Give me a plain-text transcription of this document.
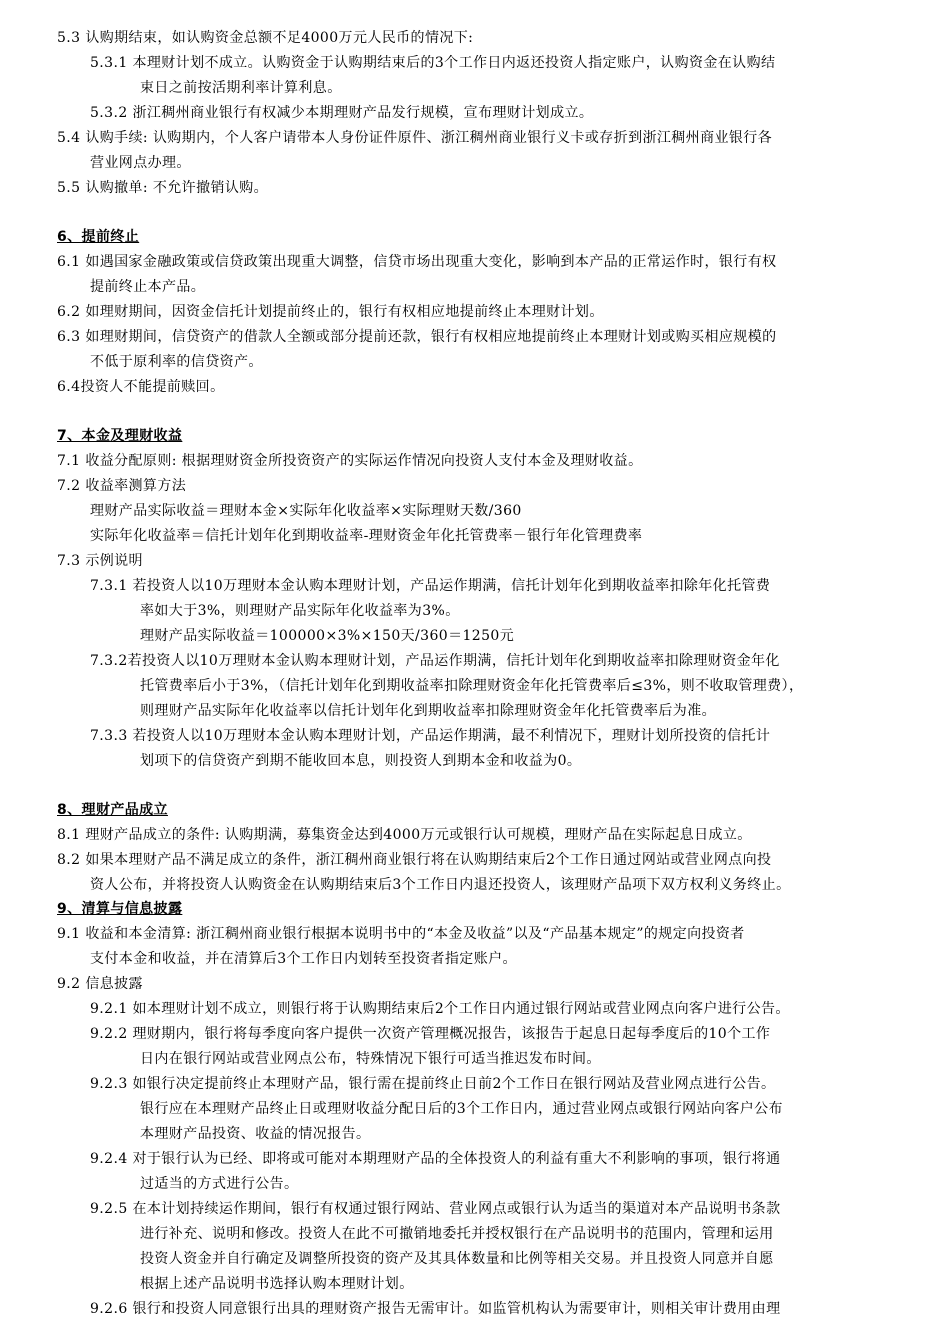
5.3 认购期结束，如认购资金总额不足4000万元人民币的情况下:
5.3.1 本理财计划不成立。认购资金于认购期结束后的3个工作日内返还投资人指定账户，认购资金在认购结
束日之前按活期利率计算利息。
5.3.2 浙江稠州商业银行有权减少本期理财产品发行规模，宣布理财计划成立。
5.4 认购手续: 认购期内，个人客户请带本人身份证件原件、浙江稠州商业银行义卡或存折到浙江稠州商业银行各
营业网点办理。
5.5 认购撤单: 不允许撤销认购。
6、提前终止
6.1 如遇国家金融政策或信贷政策出现重大调整，信贷市场出现重大变化，影响到本产品的正常运作时，银行有权
提前终止本产品。
6.2 如理财期间，因资金信托计划提前终止的，银行有权相应地提前终止本理财计划。
6.3 如理财期间，信贷资产的借款人全额或部分提前还款，银行有权相应地提前终止本理财计划或购买相应规模的
不低于原利率的信贷资产。
6.4投资人不能提前赎回。
7、本金及理财收益
7.1 收益分配原则: 根据理财资金所投资资产的实际运作情况向投资人支付本金及理财收益。
7.2 收益率测算方法
理财产品实际收益＝理财本金×实际年化收益率×实际理财天数/360
实际年化收益率＝信托计划年化到期收益率-理财资金年化托管费率－银行年化管理费率
7.3 示例说明
7.3.1 若投资人以10万理财本金认购本理财计划，产品运作期满，信托计划年化到期收益率扣除年化托管费
率如大于3%，则理财产品实际年化收益率为3%。
理财产品实际收益＝100000×3%×150天/360＝1250元
7.3.2若投资人以10万理财本金认购本理财计划，产品运作期满，信托计划年化到期收益率扣除理财资金年化
托管费率后小于3%，（信托计划年化到期收益率扣除理财资金年化托管费率后≤3%，则不收取管理费），
则理财产品实际年化收益率以信托计划年化到期收益率扣除理财资金年化托管费率后为准。
7.3.3 若投资人以10万理财本金认购本理财计划，产品运作期满，最不利情况下，理财计划所投资的信托计
划项下的信贷资产到期不能收回本息，则投资人到期本金和收益为0。
8、理财产品成立
8.1 理财产品成立的条件: 认购期满，募集资金达到4000万元或银行认可规模，理财产品在实际起息日成立。
8.2 如果本理财产品不满足成立的条件，浙江稠州商业银行将在认购期结束后2个工作日通过网站或营业网点向投
资人公布，并将投资人认购资金在认购期结束后3个工作日内退还投资人，该理财产品项下双方权利义务终止。
9、清算与信息披露
9.1 收益和本金清算: 浙江稠州商业银行根据本说明书中的“本金及收益”以及“产品基本规定”的规定向投资者
支付本金和收益，并在清算后3个工作日内划转至投资者指定账户。
9.2 信息披露
9.2.1 如本理财计划不成立，则银行将于认购期结束后2个工作日内通过银行网站或营业网点向客户进行公告。
9.2.2 理财期内，银行将每季度向客户提供一次资产管理概况报告，该报告于起息日起每季度后的10个工作
日内在银行网站或营业网点公布，特殊情况下银行可适当推迟发布时间。
9.2.3 如银行决定提前终止本理财产品，银行需在提前终止日前2个工作日在银行网站及营业网点进行公告。
银行应在本理财产品终止日或理财收益分配日后的3个工作日内，通过营业网点或银行网站向客户公布
本理财产品投资、收益的情况报告。
9.2.4 对于银行认为已经、即将或可能对本期理财产品的全体投资人的利益有重大不利影响的事项，银行将通
过适当的方式进行公告。
9.2.5 在本计划持续运作期间，银行有权通过银行网站、营业网点或银行认为适当的渠道对本产品说明书条款
进行补充、说明和修改。投资人在此不可撤销地委托并授权银行在产品说明书的范围内，管理和运用
投资人资金并自行确定及调整所投资的资产及其具体数量和比例等相关交易。并且投资人同意并自愿
根据上述产品说明书选择认购本理财计划。
9.2.6 银行和投资人同意银行出具的理财资产报告无需审计。如监管机构认为需要审计，则相关审计费用由理
